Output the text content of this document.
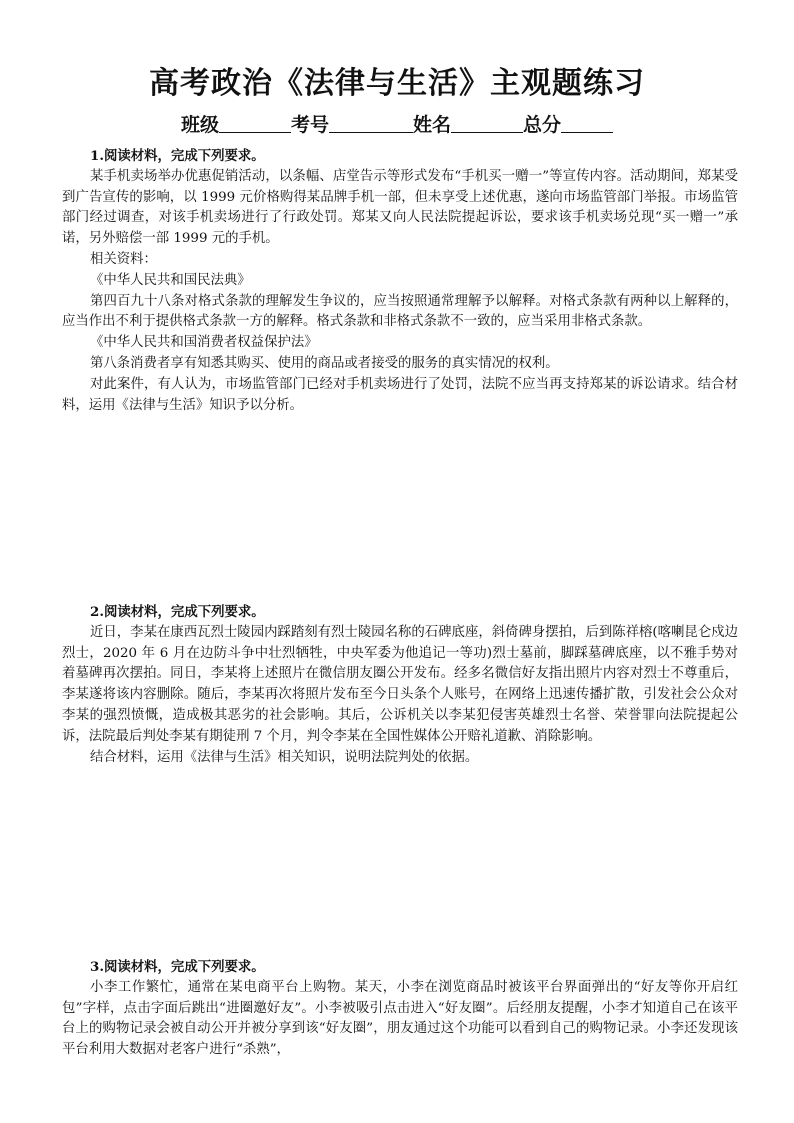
高考政治《法律与生活》主观题练习
班级	考号	姓名	总分

1.阅读材料，完成下列要求。

某手机卖场举办优惠促销活动，以条幅、店堂告示等形式发布“手机买一赠一”等宣传内容。活动期间，郑某受到广告宣传的影响，以 1999 元价格购得某品牌手机一部，但未享受上述优惠，遂向市场监管部门举报。市场监管部门经过调查，对该手机卖场进行了行政处罚。郑某又向人民法院提起诉讼，要求该手机卖场兑现“买一赠一”承诺，另外赔偿一部 1999 元的手机。

相关资料：

《中华人民共和国民法典》

第四百九十八条对格式条款的理解发生争议的，应当按照通常理解予以解释。对格式条款有两种以上解释的，应当作出不利于提供格式条款一方的解释。格式条款和非格式条款不一致的，应当采用非格式条款。

《中华人民共和国消费者权益保护法》

第八条消费者享有知悉其购买、使用的商品或者接受的服务的真实情况的权利。

对此案件，有人认为，市场监管部门已经对手机卖场进行了处罚，法院不应当再支持郑某的诉讼请求。结合材料，运用《法律与生活》知识予以分析。

2.阅读材料，完成下列要求。

近日，李某在康西瓦烈士陵园内踩踏刻有烈士陵园名称的石碑底座，斜倚碑身摆拍，后到陈祥榕(喀喇昆仑戍边烈士，2020 年 6 月在边防斗争中壮烈牺牲，中央军委为他追记一等功)烈士墓前，脚踩墓碑底座，以不雅手势对着墓碑再次摆拍。同日，李某将上述照片在微信朋友圈公开发布。经多名微信好友指出照片内容对烈士不尊重后，李某遂将该内容删除。随后，李某再次将照片发布至今日头条个人账号，在网络上迅速传播扩散，引发社会公众对李某的强烈愤慨，造成极其恶劣的社会影响。其后，公诉机关以李某犯侵害英雄烈士名誉、荣誉罪向法院提起公诉，法院最后判处李某有期徒刑 7 个月，判令李某在全国性媒体公开赔礼道歉、消除影响。

结合材料，运用《法律与生活》相关知识，说明法院判处的依据。

3.阅读材料，完成下列要求。

小李工作繁忙，通常在某电商平台上购物。某天，小李在浏览商品时被该平台界面弹出的“好友等你开启红包”字样，点击字面后跳出“进圈邀好友”。小李被吸引点击进入“好友圈”。后经朋友提醒，小李才知道自己在该平台上的购物记录会被自动公开并被分享到该“好友圈”，朋友通过这个功能可以看到自己的购物记录。小李还发现该平台利用大数据对老客户进行“杀熟”，
